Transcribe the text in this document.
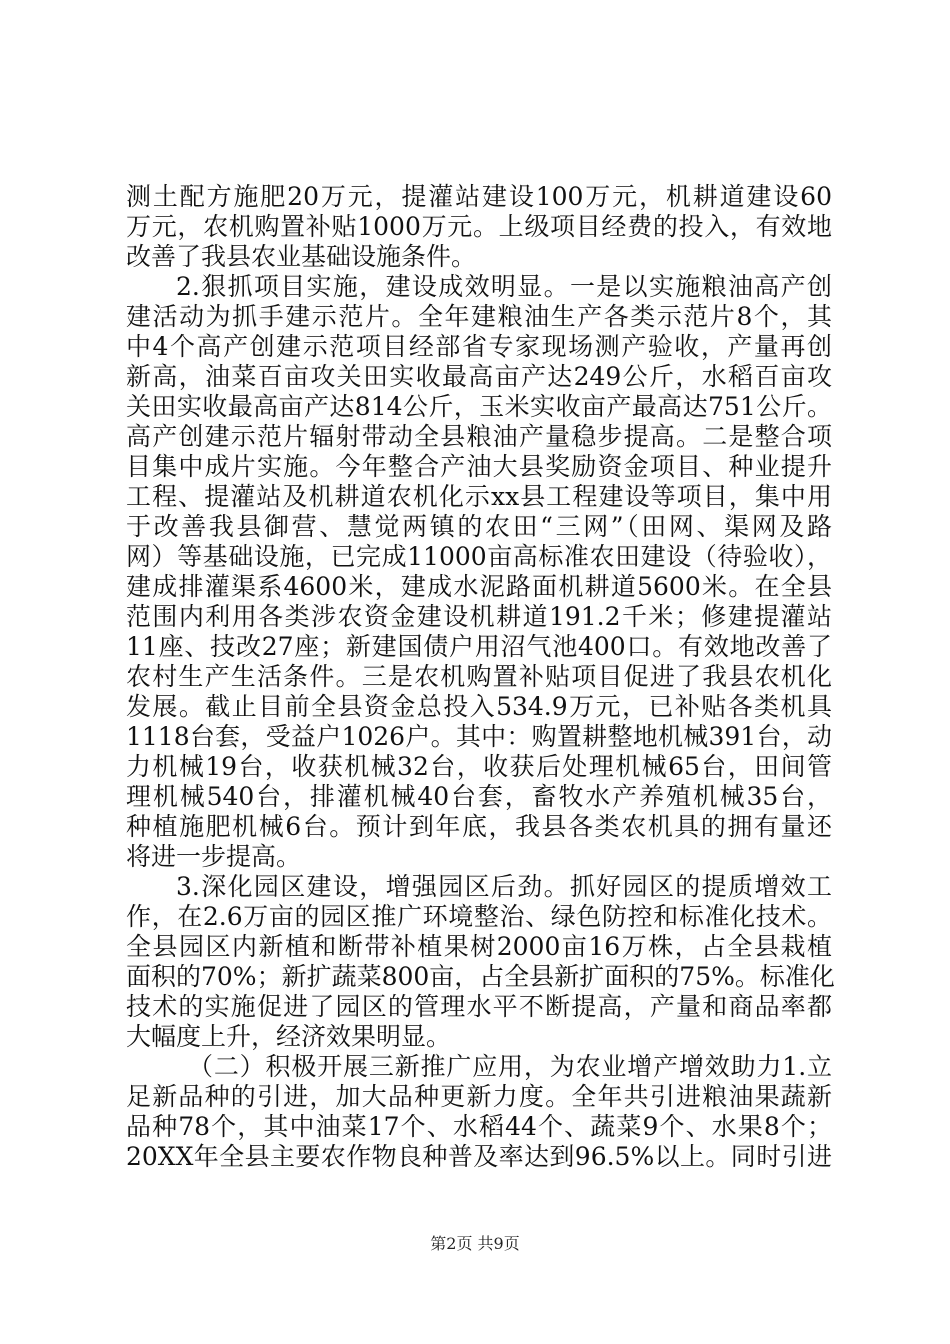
测土配方施肥20万元，提灌站建设100万元，机耕道建设60
万元，农机购置补贴1000万元。上级项目经费的投入，有效地
改善了我县农业基础设施条件。
2.狠抓项目实施，建设成效明显。一是以实施粮油高产创
建活动为抓手建示范片。全年建粮油生产各类示范片8个，其
中4个高产创建示范项目经部省专家现场测产验收，产量再创
新高，油菜百亩攻关田实收最高亩产达249公斤，水稻百亩攻
关田实收最高亩产达814公斤，玉米实收亩产最高达751公斤。
高产创建示范片辐射带动全县粮油产量稳步提高。二是整合项
目集中成片实施。今年整合产油大县奖励资金项目、种业提升
工程、提灌站及机耕道农机化示xx县工程建设等项目，集中用
于改善我县御营、慧觉两镇的农田“三网”（田网、渠网及路
网）等基础设施，已完成11000亩高标准农田建设（待验收），
建成排灌渠系4600米，建成水泥路面机耕道5600米。在全县
范围内利用各类涉农资金建设机耕道191.2千米；修建提灌站
11座、技改27座；新建国债户用沼气池400口。有效地改善了
农村生产生活条件。三是农机购置补贴项目促进了我县农机化
发展。截止目前全县资金总投入534.9万元，已补贴各类机具
1118台套，受益户1026户。其中：购置耕整地机械391台，动
力机械19台，收获机械32台，收获后处理机械65台，田间管
理机械540台，排灌机械40台套，畜牧水产养殖机械35台，
种植施肥机械6台。预计到年底，我县各类农机具的拥有量还
将进一步提高。
3.深化园区建设，增强园区后劲。抓好园区的提质增效工
作，在2.6万亩的园区推广环境整治、绿色防控和标准化技术。
全县园区内新植和断带补植果树2000亩16万株，占全县栽植
面积的70%；新扩蔬菜800亩，占全县新扩面积的75%。标准化
技术的实施促进了园区的管理水平不断提高，产量和商品率都
大幅度上升，经济效果明显。
（二）积极开展三新推广应用，为农业增产增效助力1.立
足新品种的引进，加大品种更新力度。全年共引进粮油果蔬新
品种78个，其中油菜17个、水稻44个、蔬菜9个、水果8个；
20XX年全县主要农作物良种普及率达到96.5%以上。同时引进
第2页 共9页
